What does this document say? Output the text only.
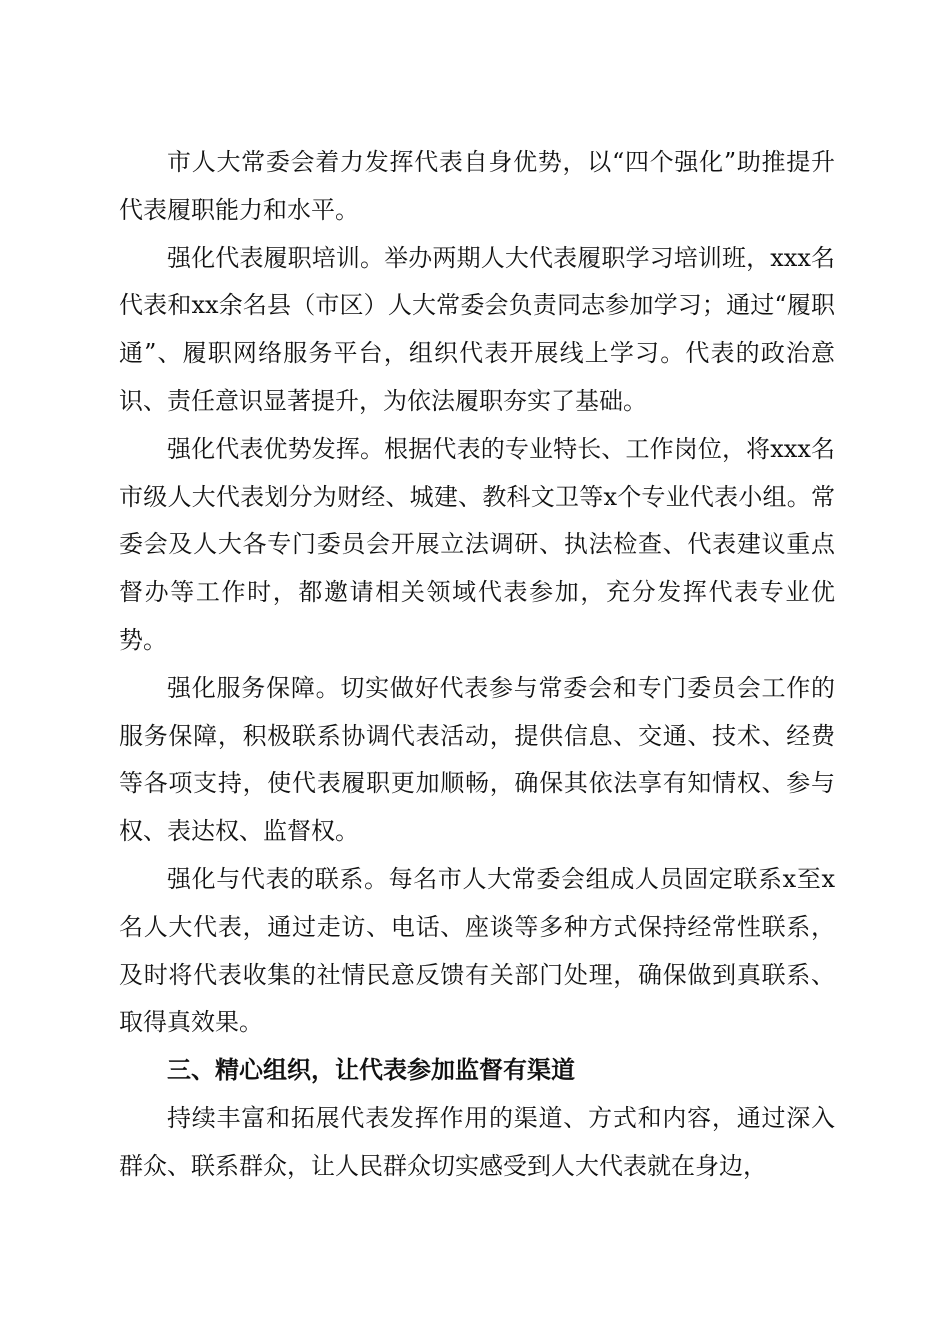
市人大常委会着力发挥代表自身优势，以“四个强化”助推提升代表履职能力和水平。

强化代表履职培训。举办两期人大代表履职学习培训班，xxx名代表和xx余名县（市区）人大常委会负责同志参加学习；通过“履职通”、履职网络服务平台，组织代表开展线上学习。代表的政治意识、责任意识显著提升，为依法履职夯实了基础。

强化代表优势发挥。根据代表的专业特长、工作岗位，将xxx名市级人大代表划分为财经、城建、教科文卫等x个专业代表小组。常委会及人大各专门委员会开展立法调研、执法检查、代表建议重点督办等工作时，都邀请相关领域代表参加，充分发挥代表专业优势。

强化服务保障。切实做好代表参与常委会和专门委员会工作的服务保障，积极联系协调代表活动，提供信息、交通、技术、经费等各项支持，使代表履职更加顺畅，确保其依法享有知情权、参与权、表达权、监督权。

强化与代表的联系。每名市人大常委会组成人员固定联系x至x名人大代表，通过走访、电话、座谈等多种方式保持经常性联系，及时将代表收集的社情民意反馈有关部门处理，确保做到真联系、取得真效果。

三、精心组织，让代表参加监督有渠道

持续丰富和拓展代表发挥作用的渠道、方式和内容，通过深入群众、联系群众，让人民群众切实感受到人大代表就在身边，
